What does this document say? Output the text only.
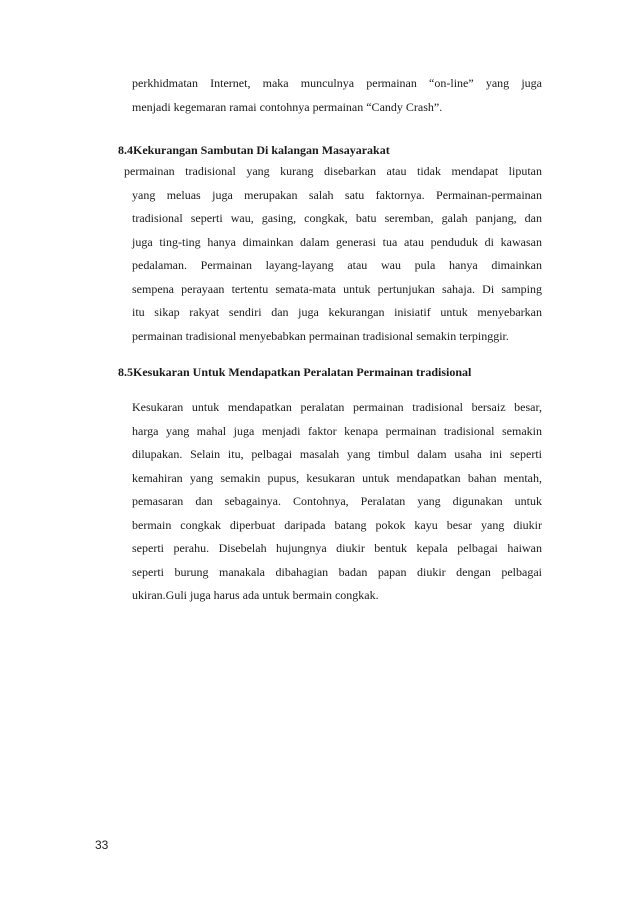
perkhidmatan Internet, maka munculnya permainan “on-line” yang juga
menjadi kegemaran ramai contohnya permainan “Candy Crash”.
8.4Kekurangan Sambutan Di kalangan Masayarakat
permainan tradisional yang kurang disebarkan atau tidak mendapat liputan
yang meluas juga merupakan salah satu faktornya. Permainan-permainan
tradisional seperti wau, gasing, congkak, batu seremban, galah panjang, dan
juga ting-ting hanya dimainkan dalam generasi tua atau penduduk di kawasan
pedalaman. Permainan layang-layang atau wau pula hanya dimainkan
sempena perayaan tertentu semata-mata untuk pertunjukan sahaja. Di samping
itu sikap rakyat sendiri dan juga kekurangan inisiatif untuk menyebarkan
permainan tradisional menyebabkan permainan tradisional semakin terpinggir.
8.5Kesukaran Untuk Mendapatkan Peralatan Permainan tradisional
Kesukaran untuk mendapatkan peralatan permainan tradisional bersaiz besar,
harga yang mahal juga menjadi faktor kenapa permainan tradisional semakin
dilupakan. Selain itu, pelbagai masalah yang timbul dalam usaha ini seperti
kemahiran yang semakin pupus, kesukaran untuk mendapatkan bahan mentah,
pemasaran dan sebagainya. Contohnya, Peralatan yang digunakan untuk
bermain congkak diperbuat daripada batang pokok kayu besar yang diukir
seperti perahu. Disebelah hujungnya diukir bentuk kepala pelbagai haiwan
seperti burung manakala dibahagian badan papan diukir dengan pelbagai
ukiran.Guli juga harus ada untuk bermain congkak.
33
